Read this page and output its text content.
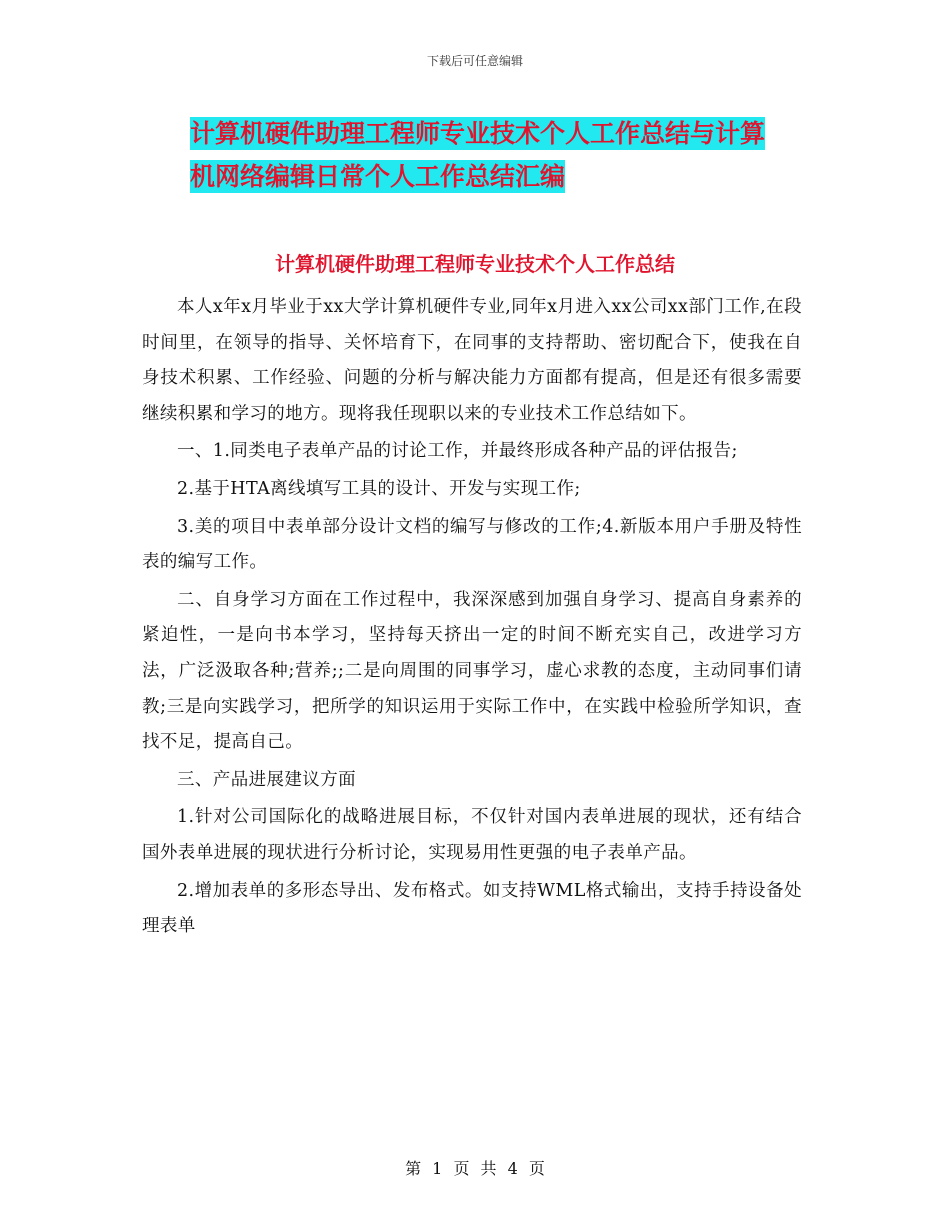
下载后可任意编辑
计算机硬件助理工程师专业技术个人工作总结与计算
机网络编辑日常个人工作总结汇编
计算机硬件助理工程师专业技术个人工作总结

本人x年x月毕业于xx大学计算机硬件专业,同年x月进入xx公司xx部门工作,在段时间里，在领导的指导、关怀培育下，在同事的支持帮助、密切配合下，使我在自身技术积累、工作经验、问题的分析与解决能力方面都有提高，但是还有很多需要继续积累和学习的地方。现将我任现职以来的专业技术工作总结如下。

一、1.同类电子表单产品的讨论工作，并最终形成各种产品的评估报告;

2.基于HTA离线填写工具的设计、开发与实现工作;

3.美的项目中表单部分设计文档的编写与修改的工作;4.新版本用户手册及特性表的编写工作。

二、自身学习方面在工作过程中，我深深感到加强自身学习、提高自身素养的紧迫性，一是向书本学习，坚持每天挤出一定的时间不断充实自己，改进学习方法，广泛汲取各种;营养;;二是向周围的同事学习，虚心求教的态度，主动同事们请教;三是向实践学习，把所学的知识运用于实际工作中，在实践中检验所学知识，查找不足，提高自己。

三、产品进展建议方面

1.针对公司国际化的战略进展目标，不仅针对国内表单进展的现状，还有结合国外表单进展的现状进行分析讨论，实现易用性更强的电子表单产品。

2.增加表单的多形态导出、发布格式。如支持WML格式输出，支持手持设备处理表单

第 1 页 共 4 页
